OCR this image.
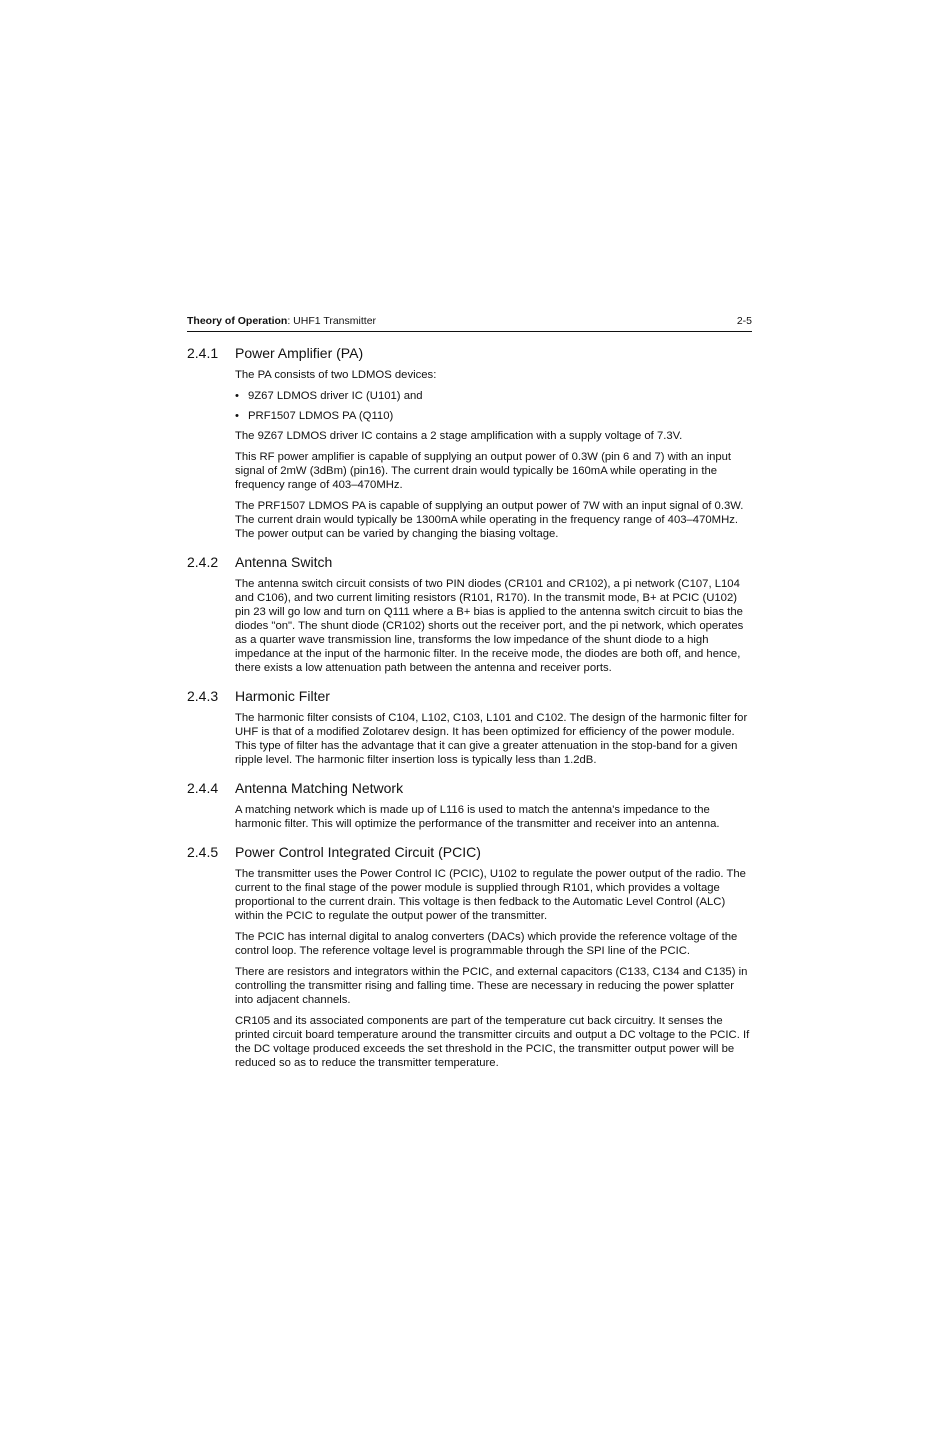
Theory of Operation: UHF1 Transmitter	2-5
2.4.1	Power Amplifier (PA)

The PA consists of two LDMOS devices:

• 9Z67 LDMOS driver IC (U101) and
• PRF1507 LDMOS PA (Q110)

The 9Z67 LDMOS driver IC contains a 2 stage amplification with a supply voltage of 7.3V.

This RF power amplifier is capable of supplying an output power of 0.3W (pin 6 and 7) with an input signal of 2mW (3dBm) (pin16). The current drain would typically be 160mA while operating in the frequency range of 403–470MHz.

The PRF1507 LDMOS PA is capable of supplying an output power of 7W with an input signal of 0.3W. The current drain would typically be 1300mA while operating in the frequency range of 403–470MHz. The power output can be varied by changing the biasing voltage.

2.4.2	Antenna Switch

The antenna switch circuit consists of two PIN diodes (CR101 and CR102), a pi network (C107, L104 and C106), and two current limiting resistors (R101, R170). In the transmit mode, B+ at PCIC (U102) pin 23 will go low and turn on Q111 where a B+ bias is applied to the antenna switch circuit to bias the diodes "on". The shunt diode (CR102) shorts out the receiver port, and the pi network, which operates as a quarter wave transmission line, transforms the low impedance of the shunt diode to a high impedance at the input of the harmonic filter. In the receive mode, the diodes are both off, and hence, there exists a low attenuation path between the antenna and receiver ports.

2.4.3	Harmonic Filter

The harmonic filter consists of C104, L102, C103, L101 and C102. The design of the harmonic filter for UHF is that of a modified Zolotarev design. It has been optimized for efficiency of the power module. This type of filter has the advantage that it can give a greater attenuation in the stop-band for a given ripple level. The harmonic filter insertion loss is typically less than 1.2dB.

2.4.4	Antenna Matching Network

A matching network which is made up of L116 is used to match the antenna's impedance to the harmonic filter. This will optimize the performance of the transmitter and receiver into an antenna.

2.4.5	Power Control Integrated Circuit (PCIC)

The transmitter uses the Power Control IC (PCIC), U102 to regulate the power output of the radio. The current to the final stage of the power module is supplied through R101, which provides a voltage proportional to the current drain. This voltage is then fedback to the Automatic Level Control (ALC) within the PCIC to regulate the output power of the transmitter.

The PCIC has internal digital to analog converters (DACs) which provide the reference voltage of the control loop. The reference voltage level is programmable through the SPI line of the PCIC.

There are resistors and integrators within the PCIC, and external capacitors (C133, C134 and C135) in controlling the transmitter rising and falling time. These are necessary in reducing the power splatter into adjacent channels.

CR105 and its associated components are part of the temperature cut back circuitry. It senses the printed circuit board temperature around the transmitter circuits and output a DC voltage to the PCIC. If the DC voltage produced exceeds the set threshold in the PCIC, the transmitter output power will be reduced so as to reduce the transmitter temperature.
